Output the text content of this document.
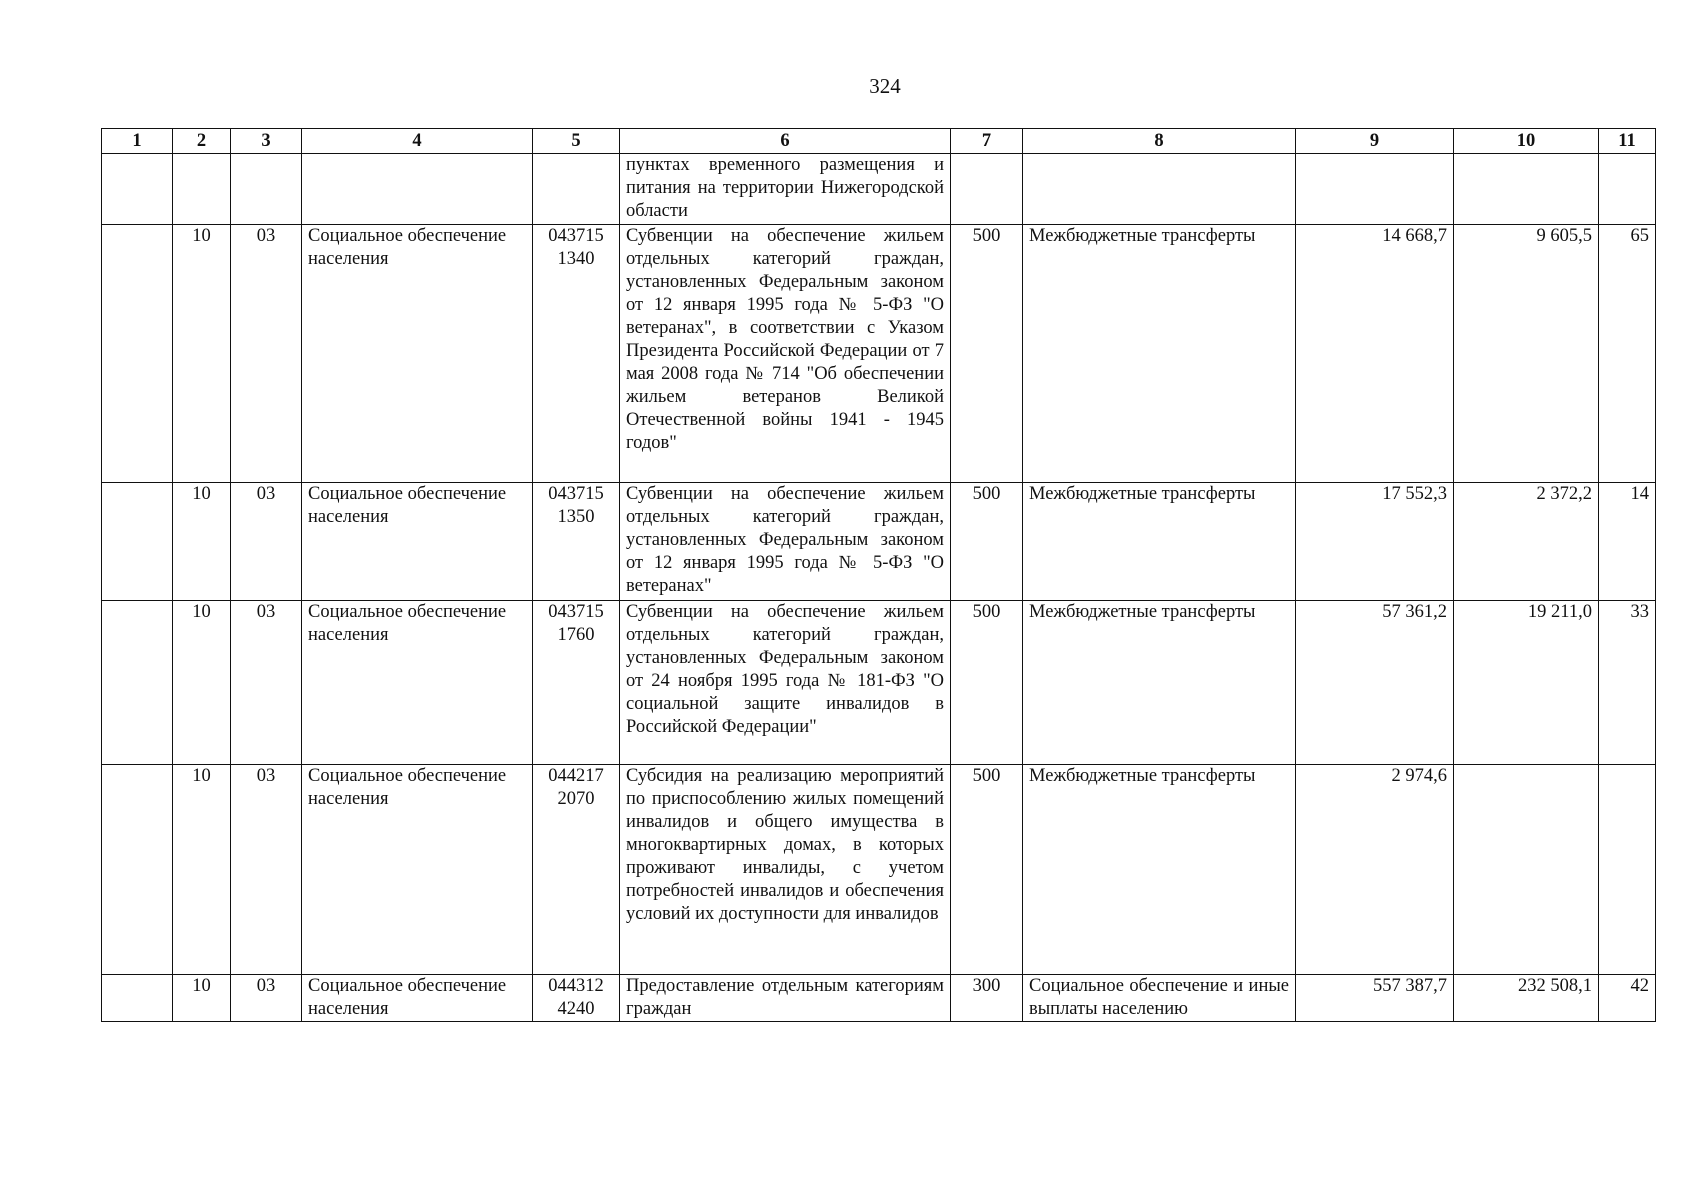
324
1	2	3	4	5	6	7	8	9	10	11
					пунктах временного размещения и питания на территории Нижегородской области					
	10	03	Социальное обеспечение населения	043715 1340	Субвенции на обеспечение жильем отдельных категорий граждан, установленных Федеральным законом от 12 января 1995 года № 5-ФЗ "О ветеранах", в соответствии с Указом Президента Российской Федерации от 7 мая 2008 года № 714 "Об обеспечении жильем ветеранов Великой Отечественной войны 1941 - 1945 годов"	500	Межбюджетные трансферты	14 668,7	9 605,5	65
	10	03	Социальное обеспечение населения	043715 1350	Субвенции на обеспечение жильем отдельных категорий граждан, установленных Федеральным законом от 12 января 1995 года № 5-ФЗ "О ветеранах"	500	Межбюджетные трансферты	17 552,3	2 372,2	14
	10	03	Социальное обеспечение населения	043715 1760	Субвенции на обеспечение жильем отдельных категорий граждан, установленных Федеральным законом от 24 ноября 1995 года № 181-ФЗ "О социальной защите инвалидов в Российской Федерации"	500	Межбюджетные трансферты	57 361,2	19 211,0	33
	10	03	Социальное обеспечение населения	044217 2070	Субсидия на реализацию мероприятий по приспособлению жилых помещений инвалидов и общего имущества в многоквартирных домах, в которых проживают инвалиды, с учетом потребностей инвалидов и обеспечения условий их доступности для инвалидов	500	Межбюджетные трансферты	2 974,6		
	10	03	Социальное обеспечение населения	044312 4240	Предоставление отдельным категориям граждан	300	Социальное обеспечение и иные выплаты населению	557 387,7	232 508,1	42
